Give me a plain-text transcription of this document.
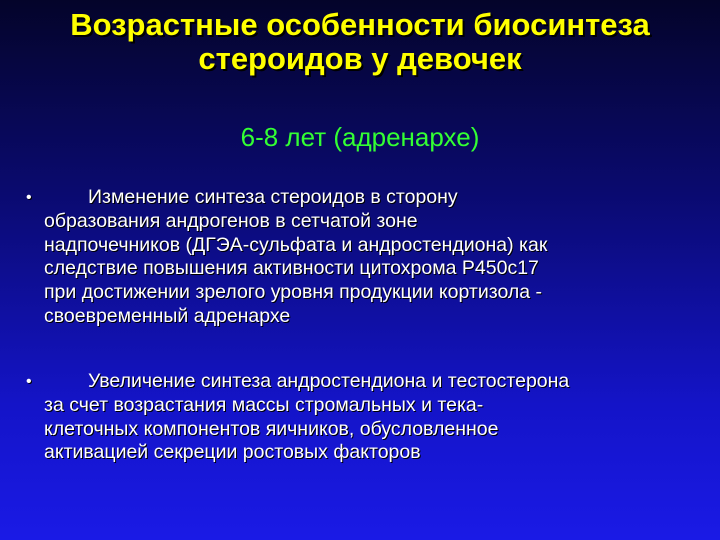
Возрастные особенности биосинтеза
стероидов у девочек
6-8 лет (адренархе)
•	Изменение синтеза стероидов в сторону
образования андрогенов в сетчатой зоне
надпочечников (ДГЭА-сульфата и андростендиона) как
следствие повышения активности цитохрома Р450с17
при достижении зрелого уровня продукции кортизола -
своевременный адренархе
•	Увеличение синтеза андростендиона и тестостерона
за счет возрастания массы стромальных и тека-
клеточных компонентов яичников, обусловленное
активацией секреции ростовых факторов
